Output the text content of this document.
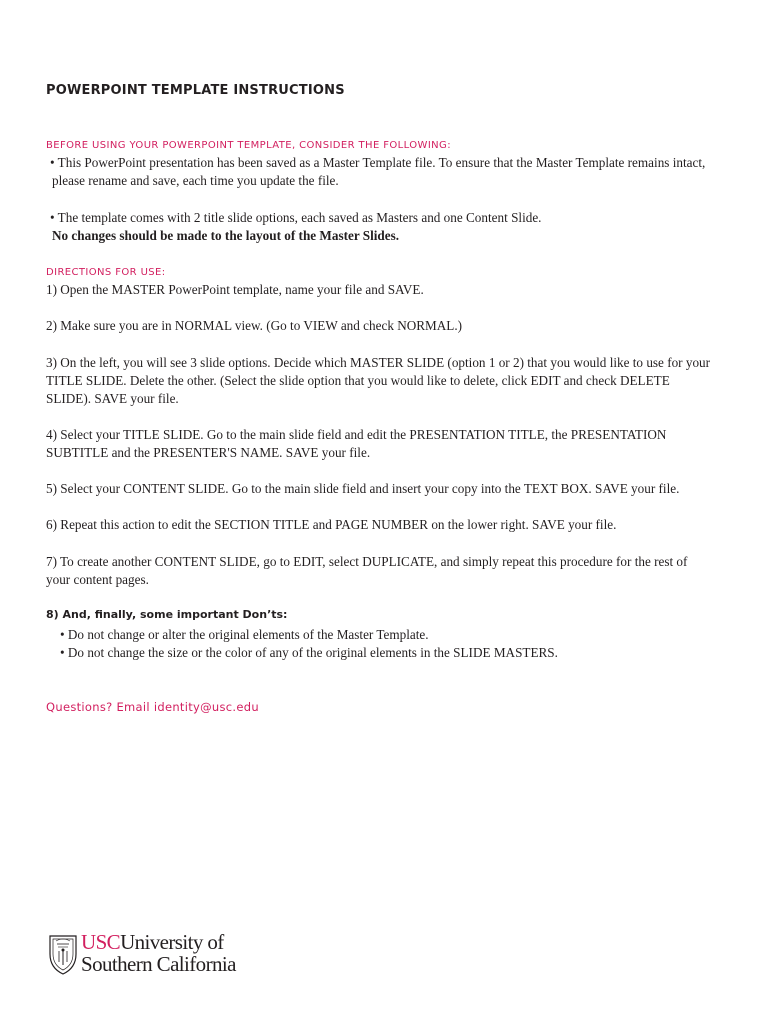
POWERPOINT TEMPLATE INSTRUCTIONS
BEFORE USING YOUR POWERPOINT TEMPLATE, CONSIDER THE FOLLOWING:
• This PowerPoint presentation has been saved as a Master Template file. To ensure that the Master Template remains intact,
please rename and save, each time you update the file.
• The template comes with 2 title slide options, each saved as Masters and one Content Slide.
No changes should be made to the layout of the Master Slides.
DIRECTIONS FOR USE:
1) Open the MASTER PowerPoint template, name your file and SAVE.
2) Make sure you are in NORMAL view. (Go to VIEW and check NORMAL.)
3) On the left, you will see 3 slide options. Decide which MASTER SLIDE (option 1 or 2) that you would like to use for your
TITLE SLIDE. Delete the other. (Select the slide option that you would like to delete, click EDIT and check DELETE
SLIDE). SAVE your file.
4) Select your TITLE SLIDE. Go to the main slide field and edit the PRESENTATION TITLE, the PRESENTATION
SUBTITLE and the PRESENTER'S NAME. SAVE your file.
5) Select your CONTENT SLIDE. Go to the main slide field and insert your copy into the TEXT BOX. SAVE your file.
6) Repeat this action to edit the SECTION TITLE and PAGE NUMBER on the lower right. SAVE your file.
7) To create another CONTENT SLIDE, go to EDIT, select DUPLICATE, and simply repeat this procedure for the rest of
your content pages.
8) And, finally, some important Don’ts:
• Do not change or alter the original elements of the Master Template.
• Do not change the size or the color of any of the original elements in the SLIDE MASTERS.
Questions? Email identity@usc.edu
USCUniversity of
Southern California
